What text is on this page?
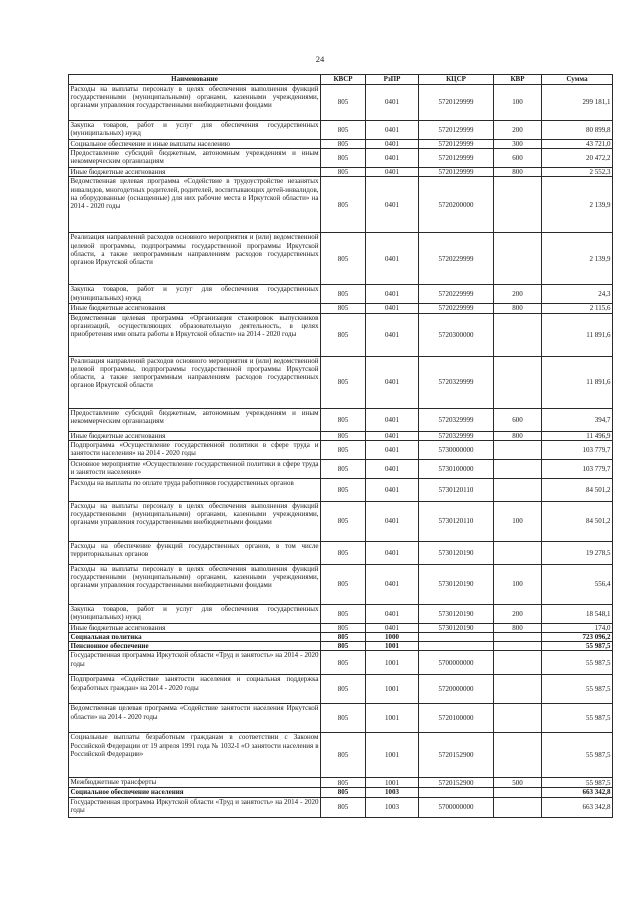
24
Наименование	КВСР	РзПР	КЦСР	КВР	Сумма
Расходы на выплаты персоналу в целях обеспечения выполнения функций государственными (муниципальными) органами, казенными учреждениями, органами управления государственными внебюджетными фондами	805	0401	5720129999	100	299 181,1
Закупка товаров, работ и услуг для обеспечения государственных (муниципальных) нужд	805	0401	5720129999	200	80 899,8
Социальное обеспечение и иные выплаты населению	805	0401	5720129999	300	43 721,0
Предоставление субсидий бюджетным, автономным учреждениям и иным некоммерческим организациям	805	0401	5720129999	600	20 472,2
Иные бюджетные ассигнования	805	0401	5720129999	800	2 552,3
Ведомственная целевая программа «Содействие в трудоустройстве незанятых инвалидов, многодетных родителей, родителей, воспитывающих детей-инвалидов, на оборудованные (оснащенные) для них рабочие места в Иркутской области» на 2014 - 2020 годы	805	0401	5720200000		2 139,9
Реализация направлений расходов основного мероприятия и (или) ведомственной целевой программы, подпрограммы государственной программы Иркутской области, а также непрограммным направлениям расходов государственных органов Иркутской области	805	0401	5720229999		2 139,9
Закупка товаров, работ и услуг для обеспечения государственных (муниципальных) нужд	805	0401	5720229999	200	24,3
Иные бюджетные ассигнования	805	0401	5720229999	800	2 115,6
Ведомственная целевая программа «Организация стажировок выпускников организаций, осуществляющих образовательную деятельность, в целях приобретения ими опыта работы в Иркутской области» на 2014 - 2020 годы	805	0401	5720300000		11 891,6
Реализация направлений расходов основного мероприятия и (или) ведомственной целевой программы, подпрограммы государственной программы Иркутской области, а также непрограммным направлениям расходов государственных органов Иркутской области	805	0401	5720329999		11 891,6
Предоставление субсидий бюджетным, автономным учреждениям и иным некоммерческим организациям	805	0401	5720329999	600	394,7
Иные бюджетные ассигнования	805	0401	5720329999	800	11 496,9
Подпрограмма «Осуществление государственной политики в сфере труда и занятости населения» на 2014 - 2020 годы	805	0401	5730000000		103 779,7
Основное мероприятие «Осуществление государственной политики в сфере труда и занятости населения»	805	0401	5730100000		103 779,7
Расходы на выплаты по оплате труда работников государственных органов	805	0401	5730120110		84 501,2
Расходы на выплаты персоналу в целях обеспечения выполнения функций государственными (муниципальными) органами, казенными учреждениями, органами управления государственными внебюджетными фондами	805	0401	5730120110	100	84 501,2
Расходы на обеспечение функций государственных органов, в том числе территориальных органов	805	0401	5730120190		19 278,5
Расходы на выплаты персоналу в целях обеспечения выполнения функций государственными (муниципальными) органами, казенными учреждениями, органами управления государственными внебюджетными фондами	805	0401	5730120190	100	556,4
Закупка товаров, работ и услуг для обеспечения государственных (муниципальных) нужд	805	0401	5730120190	200	18 548,1
Иные бюджетные ассигнования	805	0401	5730120190	800	174,0
Социальная политика	805	1000			723 096,2
Пенсионное обеспечение	805	1001			55 987,5
Государственная программа Иркутской области «Труд и занятость» на 2014 - 2020 годы	805	1001	5700000000		55 987,5
Подпрограмма «Содействие занятости населения и социальная поддержка безработных граждан» на 2014 - 2020 годы	805	1001	5720000000		55 987,5
Ведомственная целевая программа «Содействие занятости населения Иркутской области» на 2014 - 2020 годы	805	1001	5720100000		55 987,5
Социальные выплаты безработным гражданам в соответствии с Законом Российской Федерации от 19 апреля 1991 года № 1032-I «О занятости населения в Российской Федерации»	805	1001	5720152900		55 987,5
Межбюджетные трансферты	805	1001	5720152900	500	55 987,5
Социальное обеспечение населения	805	1003			663 342,8
Государственная программа Иркутской области «Труд и занятость» на 2014 - 2020 годы	805	1003	5700000000		663 342,8
